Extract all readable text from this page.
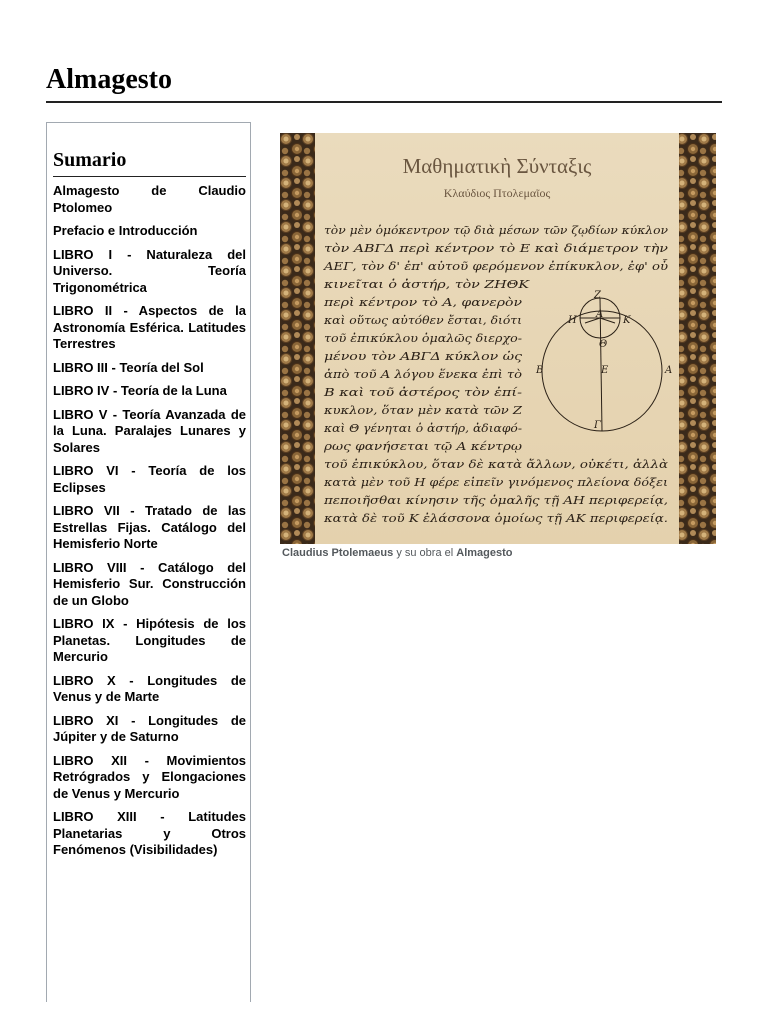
Almagesto
Sumario
Almagesto de Claudio Ptolomeo
Prefacio e Introducción
LIBRO I - Naturaleza del Universo. Teoría Trigonométrica
LIBRO II - Aspectos de la Astronomía Esférica. Latitudes Terrestres
LIBRO III - Teoría del Sol
LIBRO IV - Teoría de la Luna
LIBRO V - Teoría Avanzada de la Luna. Paralajes Lunares y Solares
LIBRO VI - Teoría de los Eclipses
LIBRO VII - Tratado de las Estrellas Fijas. Catálogo del Hemisferio Norte
LIBRO VIII - Catálogo del Hemisferio Sur. Construcción de un Globo
LIBRO IX - Hipótesis de los Planetas. Longitudes de Mercurio
LIBRO X - Longitudes de Venus y de Marte
LIBRO XI - Longitudes de Júpiter y de Saturno
LIBRO XII - Movimientos Retrógrados y Elongaciones de Venus y Mercurio
LIBRO XIII - Latitudes Planetarias y Otros Fenómenos (Visibilidades)
Μαθηματικὴ Σύνταξις
Κλαύδιος Πτολεμαῖος
τὸν μὲν ὁμόκεντρον τῷ διὰ μέσων τῶν ζῳδίων κύκλον
τὸν ΑΒΓΔ περὶ κέντρον τὸ Ε καὶ διάμετρον τὴν
ΑΕΓ, τὸν δ' ἐπ' αὐτοῦ φερόμενον ἐπίκυκλον, ἐφ' οὗ
κινεῖται ὁ ἀστήρ, τὸν ΖΗΘΚ
περὶ κέντρον τὸ Α, φανερὸν
καὶ οὕτως αὐτόθεν ἔσται, διότι
τοῦ ἐπικύκλου ὁμαλῶς διερχο-
μένου τὸν ΑΒΓΔ κύκλον ὡς
ἀπὸ τοῦ Α λόγου ἕνεκα ἐπὶ τὸ
Β καὶ τοῦ ἀστέρος τὸν ἐπί-
κυκλον, ὅταν μὲν κατὰ τῶν Ζ
καὶ Θ γένηται ὁ ἀστήρ, ἀδιαφό-
ρως φανήσεται τῷ Α κέντρῳ
τοῦ ἐπικύκλου, ὅταν δὲ κατὰ ἄλλων, οὐκέτι, ἀλλὰ
κατὰ μὲν τοῦ Η φέρε εἰπεῖν γινόμενος πλείονα δόξει
πεποιῆσθαι κίνησιν τῆς ὁμαλῆς τῇ ΑΗ περιφερείᾳ,
κατὰ δὲ τοῦ Κ ἐλάσσονα ὁμοίως τῇ ΑΚ περιφερείᾳ.
Z
H
A
K
Θ
B	E	A
Γ
Claudius Ptolemaeus y su obra el Almagesto
